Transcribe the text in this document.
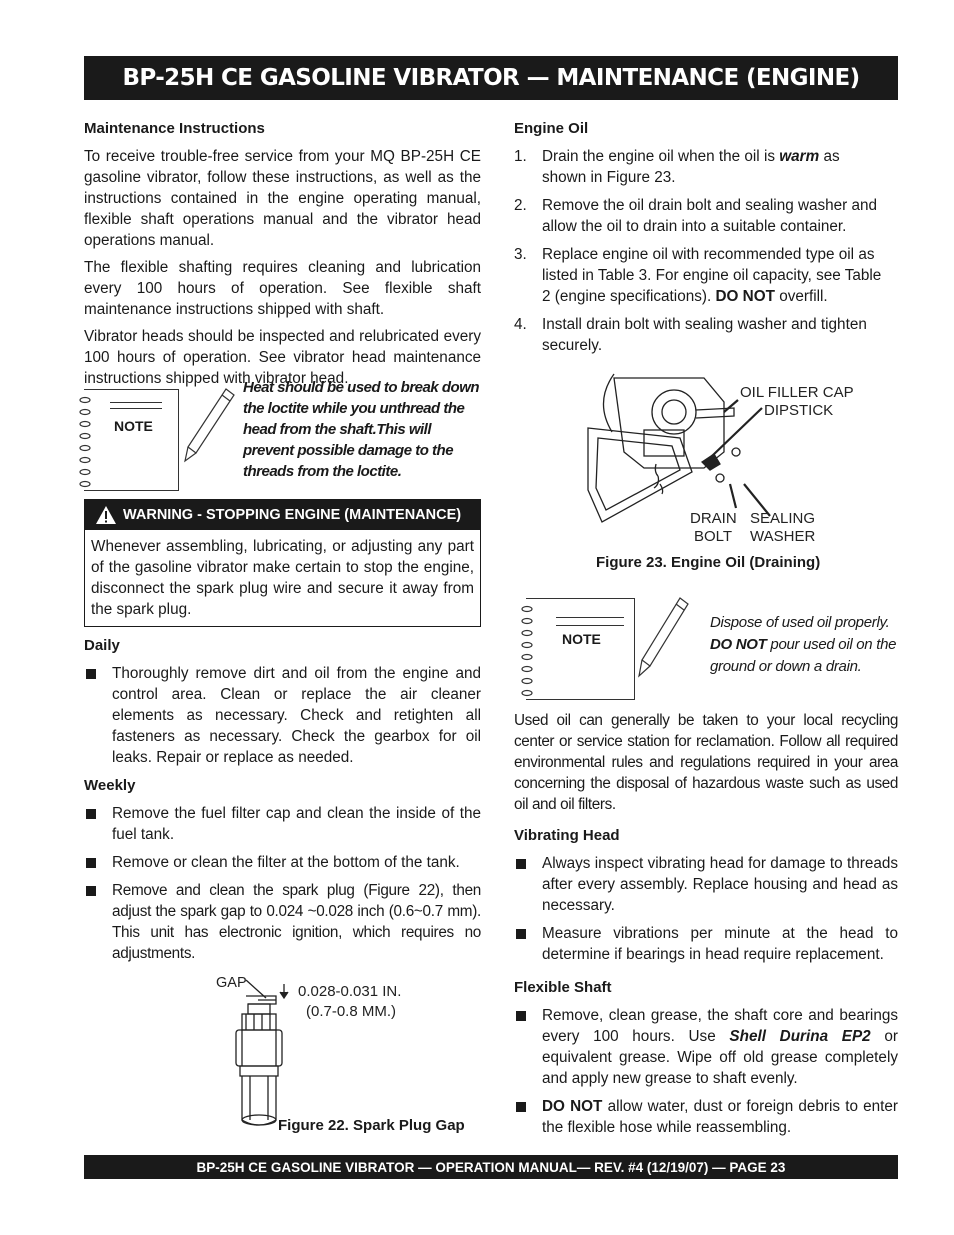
BP-25H CE GASOLINE VIBRATOR — MAINTENANCE (ENGINE)
Maintenance Instructions

To receive trouble-free service from your MQ BP-25H CE gasoline vibrator, follow these instructions, as well as the instructions contained in the engine operating manual, flexible shaft operations manual and the vibrator head operations manual.

The flexible shafting requires cleaning and lubrication every 100 hours of operation. See flexible shaft maintenance instructions shipped with shaft.

Vibrator heads should be inspected and relubricated every 100 hours of operation. See vibrator head maintenance instructions shipped with vibrator head.

NOTE
Heat should be used to break down the loctite while you unthread the head from the shaft.This will prevent possible damage to the threads from the loctite.
WARNING - STOPPING ENGINE (MAINTENANCE)
Whenever assembling, lubricating, or adjusting any part of the gasoline vibrator make certain to stop the engine, disconnect the spark plug wire and secure it away from the spark plug.
Daily
Thoroughly remove dirt and oil from the engine and control area. Clean or replace the air cleaner elements as necessary. Check and retighten all fasteners as necessary. Check the gearbox for oil leaks. Repair or replace as needed.
Weekly
Remove the fuel filter cap and clean the inside of the fuel tank.
Remove or clean the filter at the bottom of the tank.
Remove and clean the spark plug (Figure 22), then adjust the spark gap to 0.024 ~0.028 inch (0.6~0.7 mm). This unit has electronic ignition, which requires no adjustments.
GAP	0.028-0.031 IN.
(0.7-0.8 MM.)
Figure 22. Spark Plug Gap
Engine Oil
1. Drain the engine oil when the oil is warm as shown in Figure 23.
2. Remove the oil drain bolt and sealing washer and allow the oil to drain into a suitable container.
3. Replace engine oil with recommended type oil as listed in Table 3. For engine oil capacity, see Table 2 (engine specifications). DO NOT overfill.
4. Install drain bolt with sealing washer and tighten securely.
OIL FILLER CAP
DIPSTICK
DRAIN
BOLT
SEALING
WASHER
Figure 23. Engine Oil (Draining)
NOTE
Dispose of used oil properly. DO NOT pour used oil on the ground or down a drain.

Used oil can generally be taken to your local recycling center or service station for reclamation. Follow all required environmental rules and regulations required in your area concerning the disposal of hazardous waste such as used oil and oil filters.

Vibrating Head
Always inspect vibrating head for damage to threads after every assembly. Replace housing and head as necessary.
Measure vibrations per minute at the head to determine if bearings in head require replacement.
Flexible Shaft
Remove, clean grease, the shaft core and bearings every 100 hours. Use Shell Durina EP2 or equivalent grease. Wipe off old grease completely and apply new grease to shaft evenly.
DO NOT allow water, dust or foreign debris to enter the flexible hose while reassembling.
BP-25H CE GASOLINE VIBRATOR — OPERATION MANUAL— REV. #4 (12/19/07) — PAGE 23
